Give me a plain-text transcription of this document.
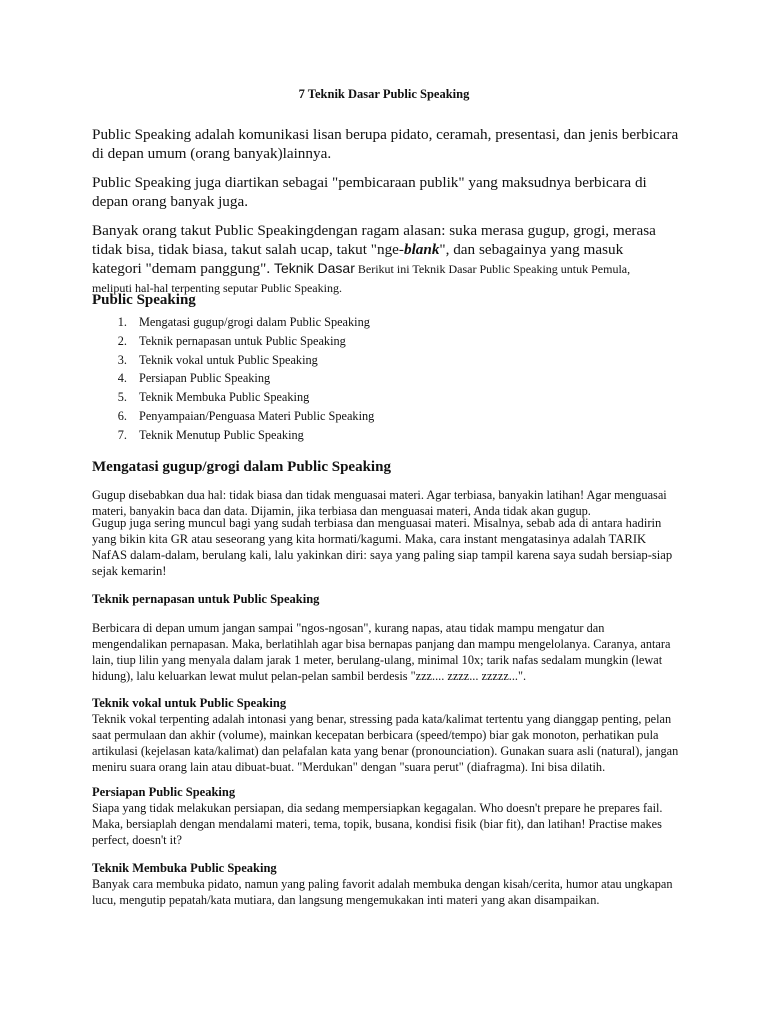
7 Teknik Dasar Public Speaking

Public Speaking adalah komunikasi lisan berupa pidato, ceramah, presentasi, dan jenis berbicara di depan umum (orang banyak)lainnya.

Public Speaking juga diartikan sebagai "pembicaraan publik" yang maksudnya berbicara di depan orang banyak juga.

Banyak orang takut Public Speakingdengan ragam alasan: suka merasa gugup, grogi, merasa tidak bisa, tidak biasa, takut salah ucap, takut "nge-blank", dan sebagainya yang masuk kategori "demam panggung". Teknik Dasar Berikut ini Teknik Dasar Public Speaking untuk Pemula, meliputi hal-hal terpenting seputar Public Speaking.

Public Speaking
1. Mengatasi gugup/grogi dalam Public Speaking
2. Teknik pernapasan untuk Public Speaking
3. Teknik vokal untuk Public Speaking
4. Persiapan Public Speaking
5. Teknik Membuka Public Speaking
6. Penyampaian/Penguasa Materi Public Speaking
7. Teknik Menutup Public Speaking
Mengatasi gugup/grogi dalam Public Speaking

Gugup disebabkan dua hal: tidak biasa dan tidak menguasai materi. Agar terbiasa, banyakin latihan! Agar menguasai materi, banyakin baca dan data. Dijamin, jika terbiasa dan menguasai materi, Anda tidak akan gugup.

Gugup juga sering muncul bagi yang sudah terbiasa dan menguasai materi. Misalnya, sebab ada di antara hadirin yang bikin kita GR atau seseorang yang kita hormati/kagumi. Maka, cara instant mengatasinya adalah TARIK NafAS dalam-dalam, berulang kali, lalu yakinkan diri: saya yang paling siap tampil karena saya sudah bersiap-siap sejak kemarin!

Teknik pernapasan untuk Public Speaking

Berbicara di depan umum jangan sampai "ngos-ngosan", kurang napas, atau tidak mampu mengatur dan mengendalikan pernapasan. Maka, berlatihlah agar bisa bernapas panjang dan mampu mengelolanya. Caranya, antara lain, tiup lilin yang menyala dalam jarak 1 meter, berulang-ulang, minimal 10x; tarik nafas sedalam mungkin (lewat hidung), lalu keluarkan lewat mulut pelan-pelan sambil berdesis "zzz.... zzzz... zzzzz...".

Teknik vokal untuk Public Speaking

Teknik vokal terpenting adalah intonasi yang benar, stressing pada kata/kalimat tertentu yang dianggap penting, pelan saat permulaan dan akhir (volume), mainkan kecepatan berbicara (speed/tempo) biar gak monoton, perhatikan pula artikulasi (kejelasan kata/kalimat) dan pelafalan kata yang benar (pronounciation). Gunakan suara asli (natural), jangan meniru suara orang lain atau dibuat-buat. "Merdukan" dengan "suara perut" (diafragma). Ini bisa dilatih.

Persiapan Public Speaking

Siapa yang tidak melakukan persiapan, dia sedang mempersiapkan kegagalan. Who doesn't prepare he prepares fail. Maka, bersiaplah dengan mendalami materi, tema, topik, busana, kondisi fisik (biar fit), dan latihan! Practise makes perfect, doesn't it?

Teknik Membuka Public Speaking

Banyak cara membuka pidato, namun yang paling favorit adalah membuka dengan kisah/cerita, humor atau ungkapan lucu, mengutip pepatah/kata mutiara, dan langsung mengemukakan inti materi yang akan disampaikan.
